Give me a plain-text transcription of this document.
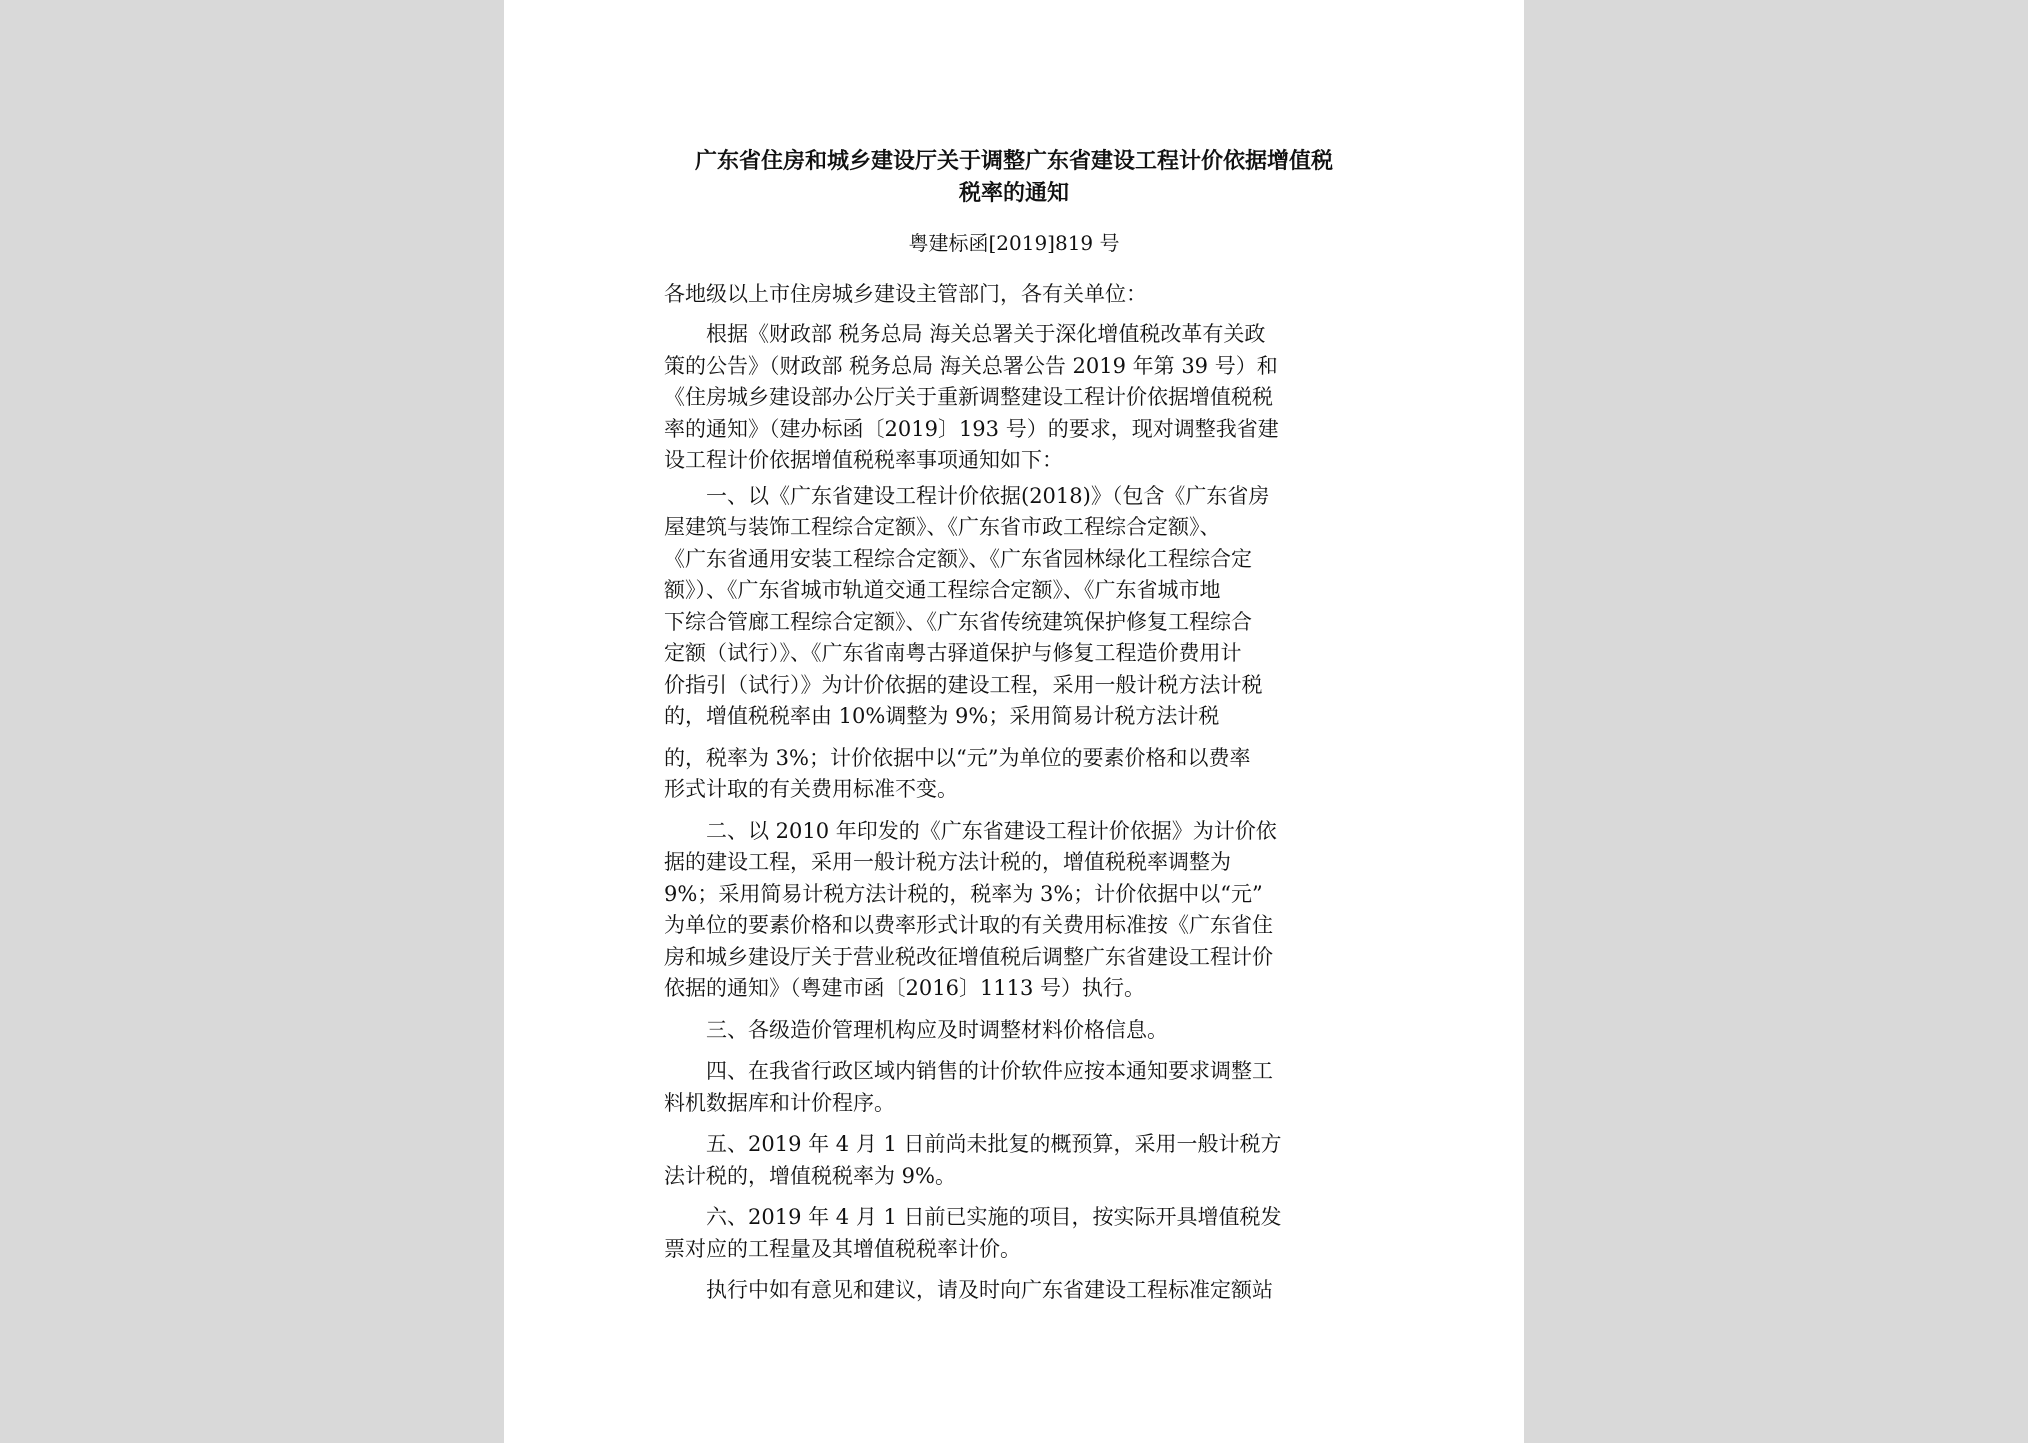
广东省住房和城乡建设厅关于调整广东省建设工程计价依据增值税
税率的通知
粤建标函[2019]819 号
各地级以上市住房城乡建设主管部门，各有关单位：
根据《财政部 税务总局 海关总署关于深化增值税改革有关政
策的公告》（财政部 税务总局 海关总署公告 2019 年第 39 号）和
《住房城乡建设部办公厅关于重新调整建设工程计价依据增值税税
率的通知》（建办标函〔2019〕193 号）的要求，现对调整我省建
设工程计价依据增值税税率事项通知如下：
一、以《广东省建设工程计价依据(2018)》（包含《广东省房
屋建筑与装饰工程综合定额》、《广东省市政工程综合定额》、
《广东省通用安装工程综合定额》、《广东省园林绿化工程综合定
额》）、《广东省城市轨道交通工程综合定额》、《广东省城市地
下综合管廊工程综合定额》、《广东省传统建筑保护修复工程综合
定额（试行）》、《广东省南粤古驿道保护与修复工程造价费用计
价指引（试行）》为计价依据的建设工程，采用一般计税方法计税
的，增值税税率由 10%调整为 9%；采用简易计税方法计税
的，税率为 3%；计价依据中以“元”为单位的要素价格和以费率
形式计取的有关费用标准不变。
二、以 2010 年印发的《广东省建设工程计价依据》为计价依
据的建设工程，采用一般计税方法计税的，增值税税率调整为
9%；采用简易计税方法计税的，税率为 3%；计价依据中以“元”
为单位的要素价格和以费率形式计取的有关费用标准按《广东省住
房和城乡建设厅关于营业税改征增值税后调整广东省建设工程计价
依据的通知》（粤建市函〔2016〕1113 号）执行。
三、各级造价管理机构应及时调整材料价格信息。
四、在我省行政区域内销售的计价软件应按本通知要求调整工
料机数据库和计价程序。
五、2019 年 4 月 1 日前尚未批复的概预算，采用一般计税方
法计税的，增值税税率为 9%。
六、2019 年 4 月 1 日前已实施的项目，按实际开具增值税发
票对应的工程量及其增值税税率计价。
执行中如有意见和建议，请及时向广东省建设工程标准定额站
